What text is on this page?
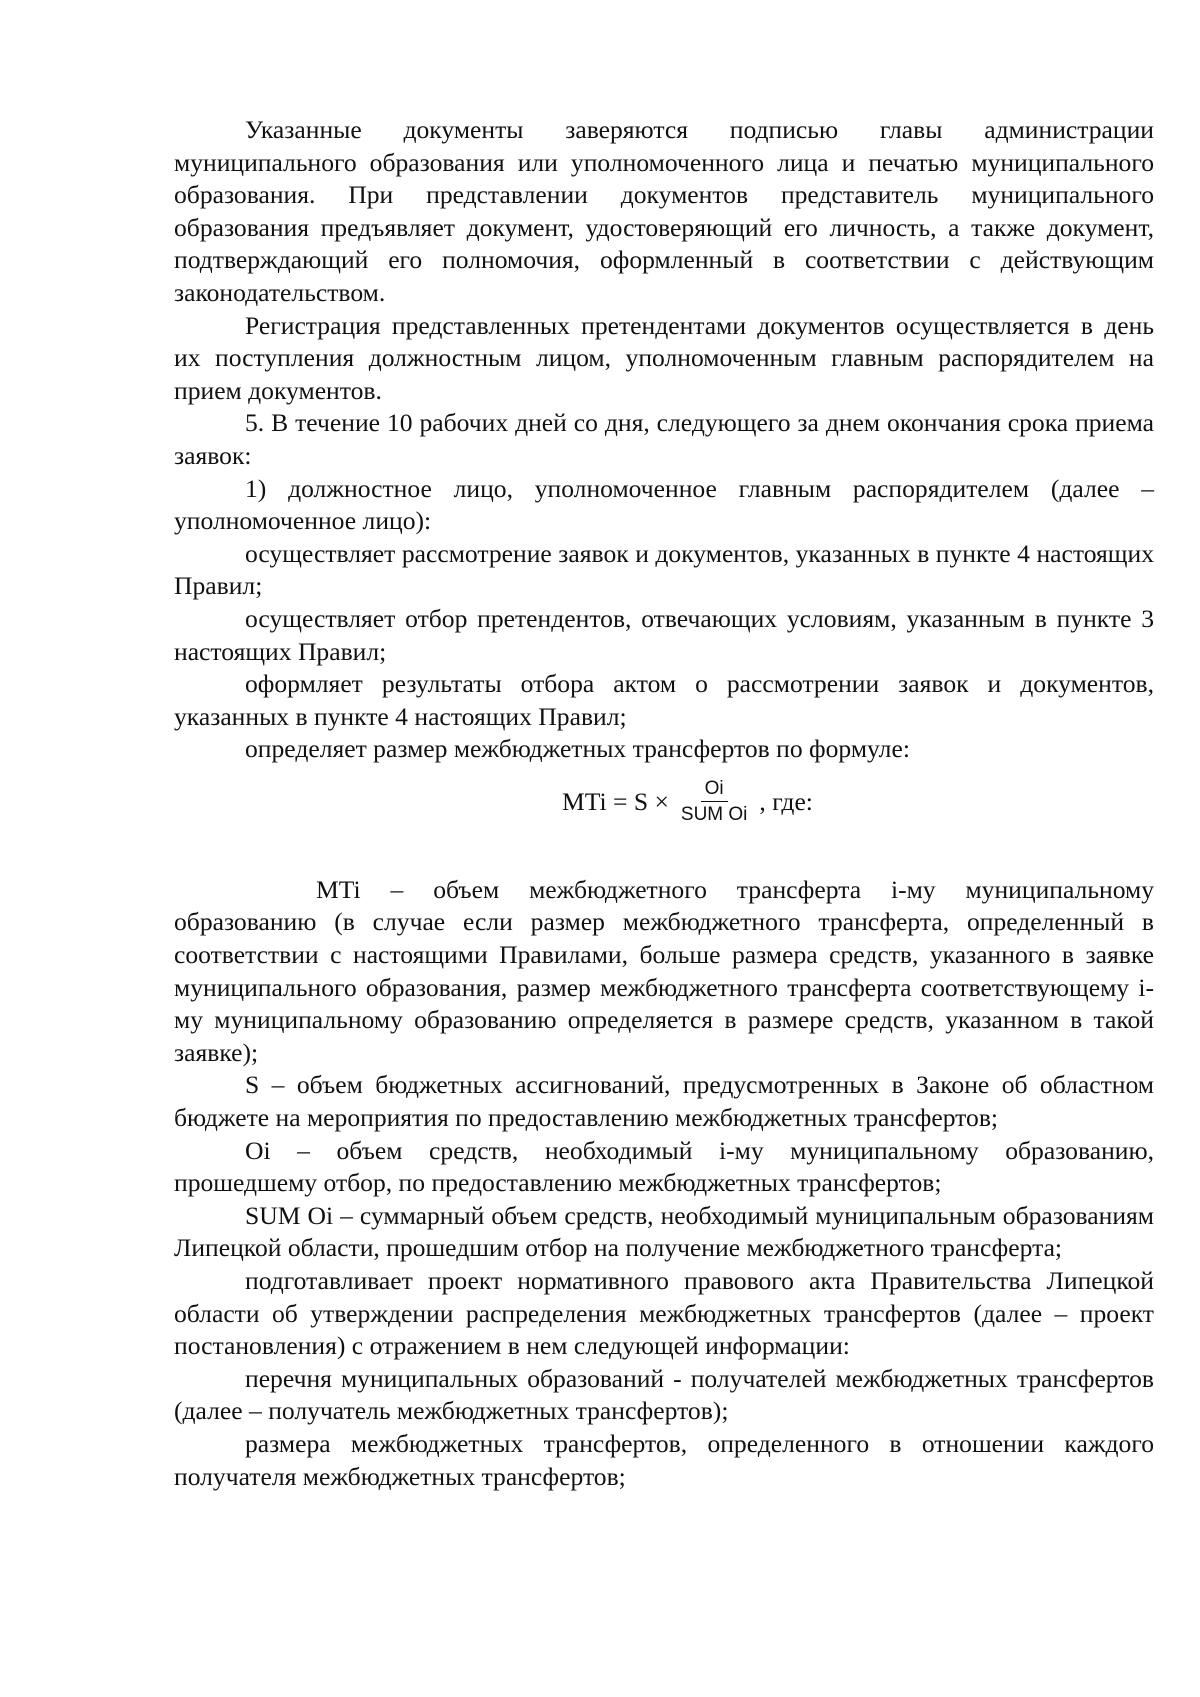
Указанные документы заверяются подписью главы администрации муниципального образования или уполномоченного лица и печатью муниципального образования. При представлении документов представитель муниципального образования предъявляет документ, удостоверяющий его личность, а также документ, подтверждающий его полномочия, оформленный в соответствии с действующим законодательством.

Регистрация представленных претендентами документов осуществляется в день их поступления должностным лицом, уполномоченным главным распорядителем на прием документов.

5. В течение 10 рабочих дней со дня, следующего за днем окончания срока приема заявок:

1) должностное лицо, уполномоченное главным распорядителем (далее – уполномоченное лицо):

осуществляет рассмотрение заявок и документов, указанных в пункте 4 настоящих Правил;

осуществляет отбор претендентов, отвечающих условиям, указанным в пункте 3 настоящих Правил;

оформляет результаты отбора актом о рассмотрении заявок и документов, указанных в пункте 4 настоящих Правил;

определяет размер межбюджетных трансфертов по формуле:

MTi = $S \times \frac{Oi}{\text{SUM Oi}}$ , где:

MTi – объем межбюджетного трансферта i-му муниципальному образованию (в случае если размер межбюджетного трансферта, определенный в соответствии с настоящими Правилами, больше размера средств, указанного в заявке муниципального образования, размер межбюджетного трансферта соответствующему i-му муниципальному образованию определяется в размере средств, указанном в такой заявке);

S – объем бюджетных ассигнований, предусмотренных в Законе об областном бюджете на мероприятия по предоставлению межбюджетных трансфертов;

Oi – объем средств, необходимый i-му муниципальному образованию, прошедшему отбор, по предоставлению межбюджетных трансфертов;

SUM Oi – суммарный объем средств, необходимый муниципальным образованиям Липецкой области, прошедшим отбор на получение межбюджетного трансферта;

подготавливает проект нормативного правового акта Правительства Липецкой области об утверждении распределения межбюджетных трансфертов (далее – проект постановления) с отражением в нем следующей информации:

перечня муниципальных образований - получателей межбюджетных трансфертов (далее – получатель межбюджетных трансфертов);

размера межбюджетных трансфертов, определенного в отношении каждого получателя межбюджетных трансфертов;
